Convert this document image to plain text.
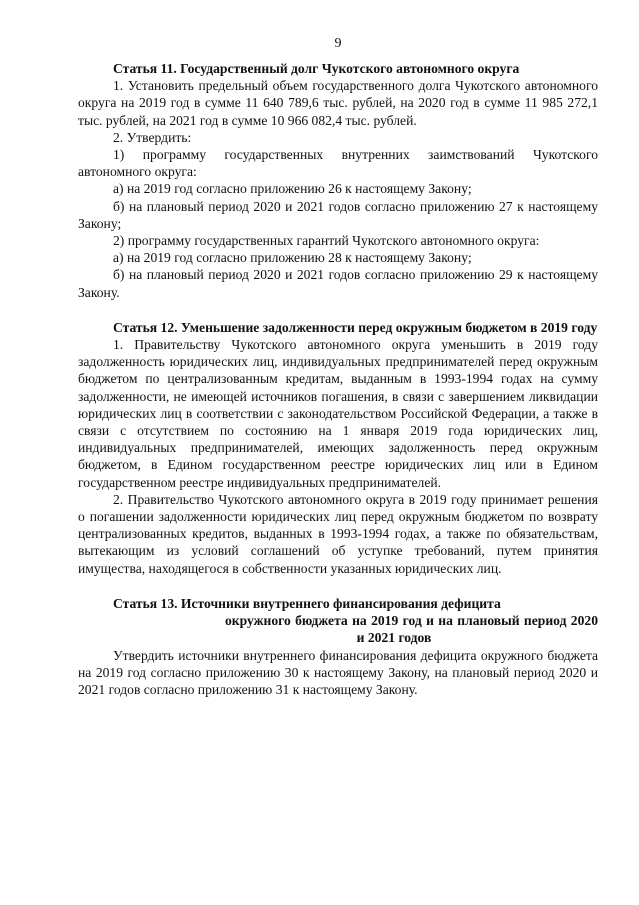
9

Статья 11. Государственный долг Чукотского автономного округа

1. Установить предельный объем государственного долга Чукотского автономного округа на 2019 год в сумме 11 640 789,6 тыс. рублей, на 2020 год в сумме 11 985 272,1 тыс. рублей, на 2021 год в сумме 10 966 082,4 тыс. рублей.

2. Утвердить:

1) программу государственных внутренних заимствований Чукотского автономного округа:

а) на 2019 год согласно приложению 26 к настоящему Закону;

б) на плановый период 2020 и 2021 годов согласно приложению 27 к настоящему Закону;

2) программу государственных гарантий Чукотского автономного округа:

а) на 2019 год согласно приложению 28 к настоящему Закону;

б) на плановый период 2020 и 2021 годов согласно приложению 29 к настоящему Закону.

Статья 12. Уменьшение задолженности перед окружным бюджетом в 2019 году

1. Правительству Чукотского автономного округа уменьшить в 2019 году задолженность юридических лиц, индивидуальных предпринимателей перед окружным бюджетом по централизованным кредитам, выданным в 1993-1994 годах на сумму задолженности, не имеющей источников погашения, в связи с завершением ликвидации юридических лиц в соответствии с законодательством Российской Федерации, а также в связи с отсутствием по состоянию на 1 января 2019 года юридических лиц, индивидуальных предпринимателей, имеющих задолженность перед окружным бюджетом, в Едином государственном реестре юридических лиц или в Едином государственном реестре индивидуальных предпринимателей.

2. Правительство Чукотского автономного округа в 2019 году принимает решения о погашении задолженности юридических лиц перед окружным бюджетом по возврату централизованных кредитов, выданных в 1993-1994 годах, а также по обязательствам, вытекающим из условий соглашений об уступке требований, путем принятия имущества, находящегося в собственности указанных юридических лиц.

Статья 13. Источники внутреннего финансирования дефицита
окружного бюджета на 2019 год и на плановый период 2020 и 2021 годов

Утвердить источники внутреннего финансирования дефицита окружного бюджета на 2019 год согласно приложению 30 к настоящему Закону, на плановый период 2020 и 2021 годов согласно приложению 31 к настоящему Закону.
